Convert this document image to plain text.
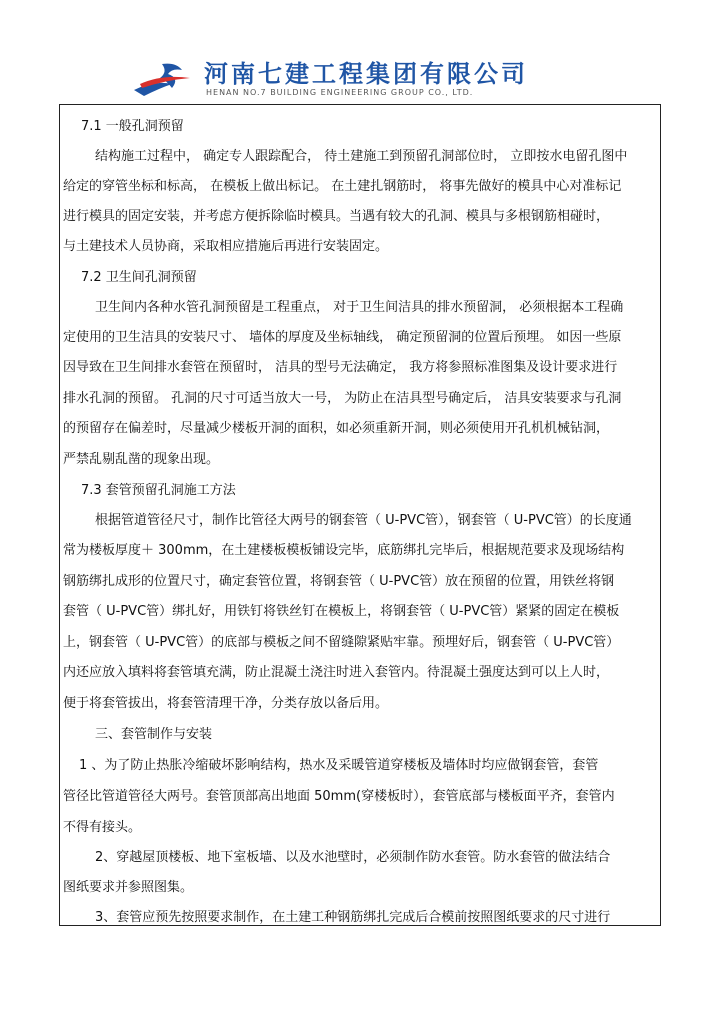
河南七建工程集团有限公司
HENAN NO.7 BUILDING ENGINEERING GROUP CO., LTD.
7.1 一般孔洞预留
结构施工过程中， 确定专人跟踪配合， 待土建施工到预留孔洞部位时， 立即按水电留孔图中
给定的穿管坐标和标高， 在模板上做出标记。 在土建扎钢筋时， 将事先做好的模具中心对准标记
进行模具的固定安装，并考虑方便拆除临时模具。当遇有较大的孔洞、模具与多根钢筋相碰时，
与土建技术人员协商，采取相应措施后再进行安装固定。
7.2 卫生间孔洞预留
卫生间内各种水管孔洞预留是工程重点， 对于卫生间洁具的排水预留洞， 必须根据本工程确
定使用的卫生洁具的安装尺寸、 墙体的厚度及坐标轴线， 确定预留洞的位置后预埋。 如因一些原
因导致在卫生间排水套管在预留时， 洁具的型号无法确定， 我方将参照标准图集及设计要求进行
排水孔洞的预留。 孔洞的尺寸可适当放大一号， 为防止在洁具型号确定后， 洁具安装要求与孔洞
的预留存在偏差时，尽量减少楼板开洞的面积，如必须重新开洞，则必须使用开孔机机械钻洞，
严禁乱剔乱凿的现象出现。
7.3 套管预留孔洞施工方法
根据管道管径尺寸，制作比管径大两号的钢套管（ U-PVC管），钢套管（ U-PVC管）的长度通
常为楼板厚度＋ 300mm，在土建楼板模板铺设完毕，底筋绑扎完毕后，根据规范要求及现场结构
钢筋绑扎成形的位置尺寸，确定套管位置，将钢套管（ U-PVC管）放在预留的位置，用铁丝将钢
套管（ U-PVC管）绑扎好，用铁钉将铁丝钉在模板上，将钢套管（ U-PVC管）紧紧的固定在模板
上，钢套管（ U-PVC管）的底部与模板之间不留缝隙紧贴牢靠。预埋好后，钢套管（ U-PVC管）
内还应放入填料将套管填充满，防止混凝土浇注时进入套管内。待混凝土强度达到可以上人时，
便于将套管拔出，将套管清理干净，分类存放以备后用。
三、套管制作与安装
1 、为了防止热胀冷缩破坏影响结构，热水及采暖管道穿楼板及墙体时均应做钢套管，套管
管径比管道管径大两号。套管顶部高出地面 50mm(穿楼板时），套管底部与楼板面平齐，套管内
不得有接头。
2、穿越屋顶楼板、地下室板墙、以及水池壁时，必须制作防水套管。防水套管的做法结合
图纸要求并参照图集。
3、套管应预先按照要求制作，在土建工种钢筋绑扎完成后合模前按照图纸要求的尺寸进行
